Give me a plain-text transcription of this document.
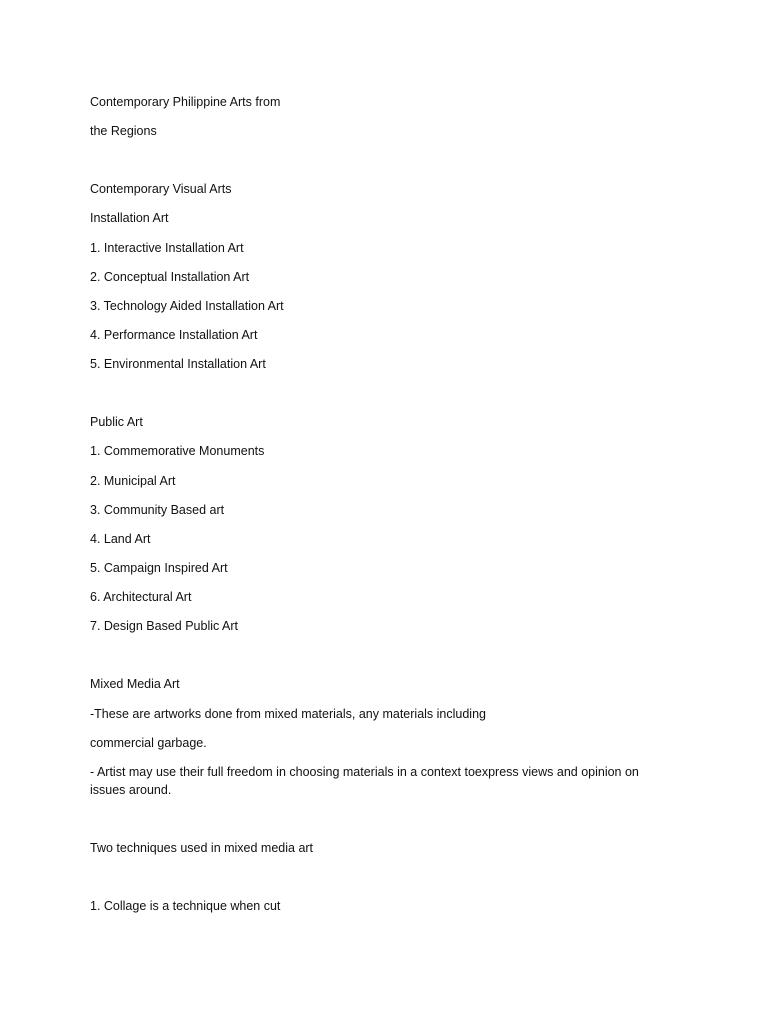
Contemporary Philippine Arts from
the Regions
Contemporary Visual Arts
Installation Art
1. Interactive Installation Art
2. Conceptual Installation Art
3. Technology Aided Installation Art
4. Performance Installation Art
5. Environmental Installation Art
Public Art
1. Commemorative Monuments
2. Municipal Art
3. Community Based art
4. Land Art
5. Campaign Inspired Art
6. Architectural Art
7. Design Based Public Art
Mixed Media Art
-These are artworks done from mixed materials, any materials including
commercial garbage.
- Artist may use their full freedom in choosing materials in a context toexpress views and opinion on issues around.
Two techniques used in mixed media art
1. Collage is a technique when cut
